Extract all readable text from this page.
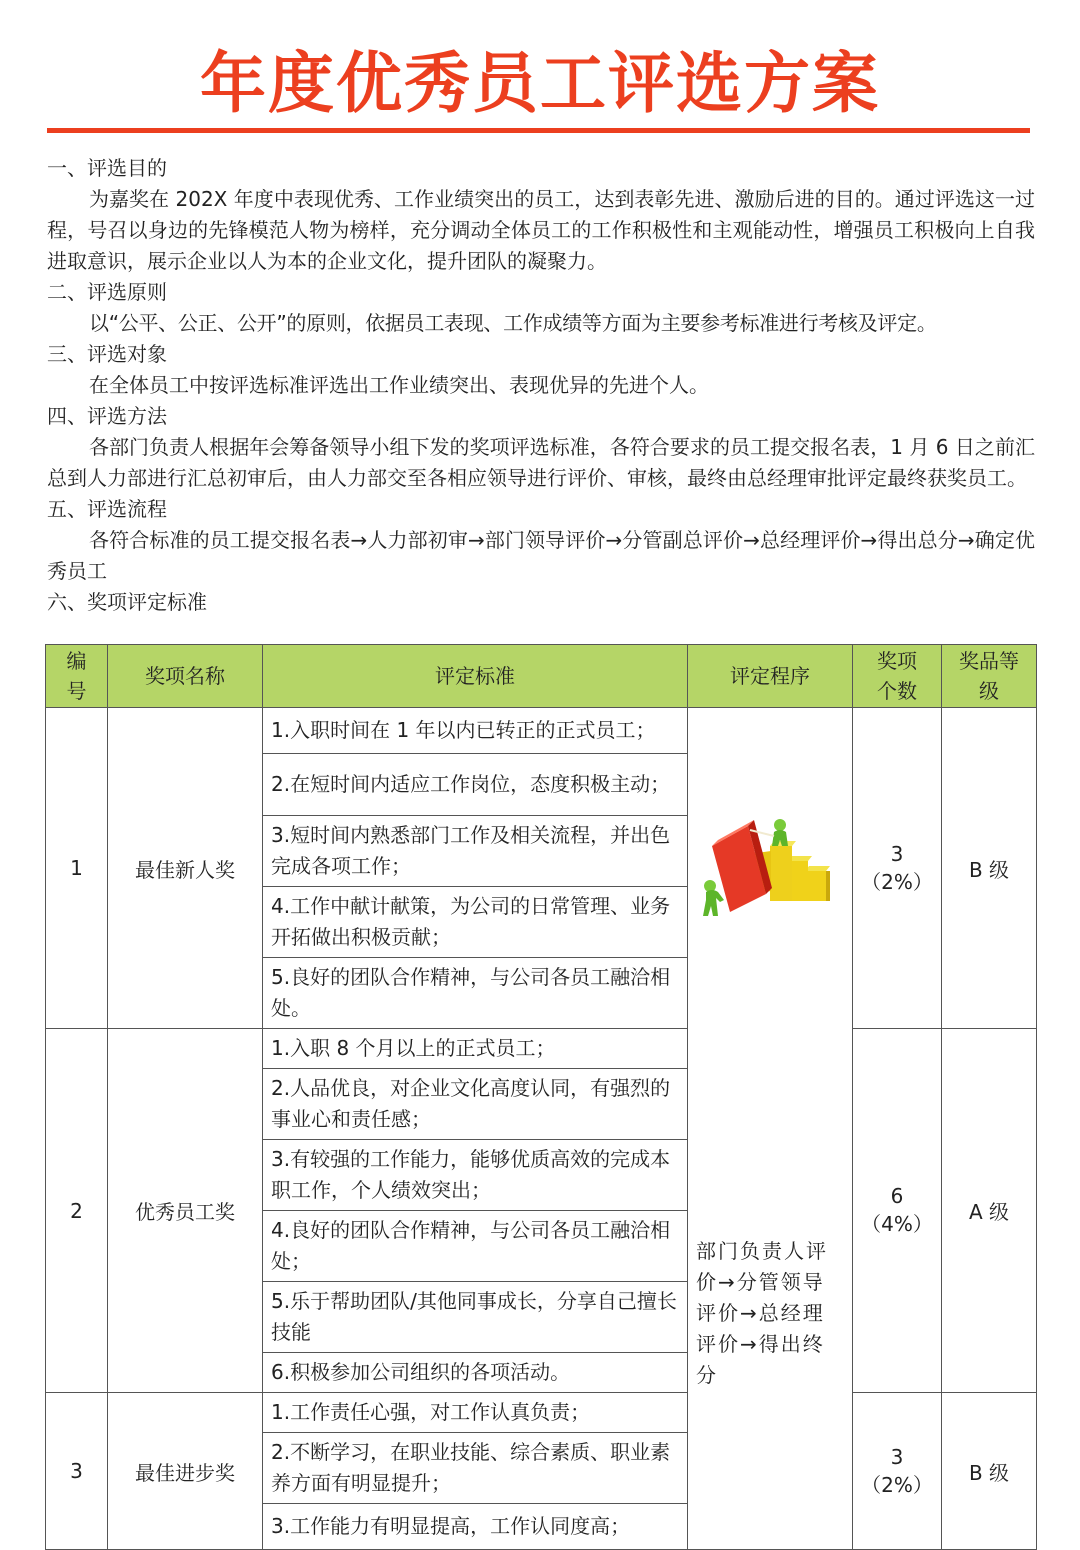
年度优秀员工评选方案
一、评选目的
为嘉奖在 202X 年度中表现优秀、工作业绩突出的员工，达到表彰先进、激励后进的目的。通过评选这一过程，号召以身边的先锋模范人物为榜样，充分调动全体员工的工作积极性和主观能动性，增强员工积极向上自我进取意识，展示企业以人为本的企业文化，提升团队的凝聚力。
二、评选原则
以“公平、公正、公开”的原则，依据员工表现、工作成绩等方面为主要参考标准进行考核及评定。
三、评选对象
在全体员工中按评选标准评选出工作业绩突出、表现优异的先进个人。
四、评选方法
各部门负责人根据年会筹备领导小组下发的奖项评选标准，各符合要求的员工提交报名表，1 月 6 日之前汇总到人力部进行汇总初审后，由人力部交至各相应领导进行评价、审核，最终由总经理审批评定最终获奖员工。
五、评选流程
各符合标准的员工提交报名表→人力部初审→部门领导评价→分管副总评价→总经理评价→得出总分→确定优秀员工
六、奖项评定标准
编号	奖项名称	评定标准	评定程序	奖项个数	奖品等级
1	最佳新人奖	1.入职时间在 1 年以内已转正的正式员工；	部门负责人评价→分管领导评价→总经理评价→得出终分	3
（2%）	B 级
		2.在短时间内适应工作岗位，态度积极主动；			
		3.短时间内熟悉部门工作及相关流程，并出色完成各项工作；			
		4.工作中献计献策，为公司的日常管理、业务开拓做出积极贡献；			
		5.良好的团队合作精神，与公司各员工融洽相处。			
2	优秀员工奖	1.入职 8 个月以上的正式员工；		6
（4%）	A 级
		2.人品优良，对企业文化高度认同，有强烈的事业心和责任感；			
		3.有较强的工作能力，能够优质高效的完成本职工作，个人绩效突出；			
		4.良好的团队合作精神，与公司各员工融洽相处；			
		5.乐于帮助团队/其他同事成长，分享自己擅长技能			
		6.积极参加公司组织的各项活动。			
3	最佳进步奖	1.工作责任心强，对工作认真负责；		3
（2%）	B 级
		2.不断学习，在职业技能、综合素质、职业素养方面有明显提升；			
		3.工作能力有明显提高，工作认同度高；			
